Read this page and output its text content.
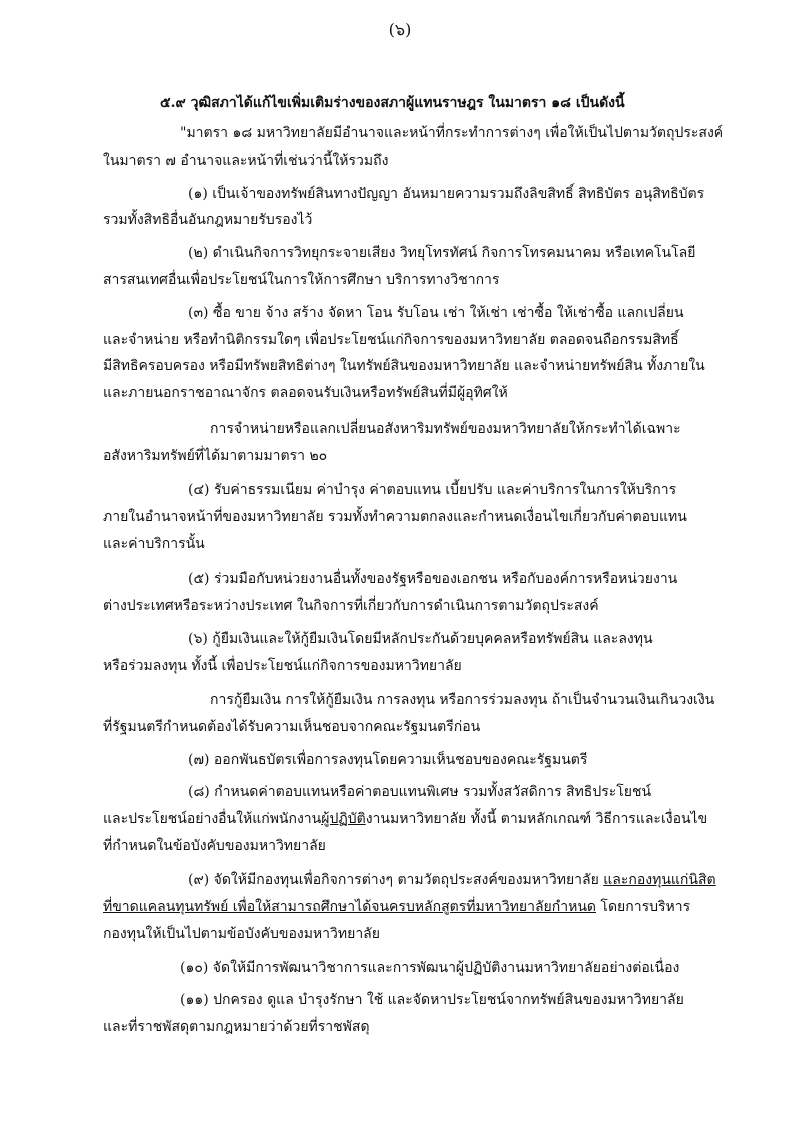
(๖)
๕.๙ วุฒิสภาได้แก้ไขเพิ่มเติมร่างของสภาผู้แทนราษฎร ในมาตรา ๑๘ เป็นดังนี้
"มาตรา ๑๘ มหาวิทยาลัยมีอำนาจและหน้าที่กระทำการต่างๆ เพื่อให้เป็นไปตามวัตถุประสงค์
ในมาตรา ๗ อำนาจและหน้าที่เช่นว่านี้ให้รวมถึง
(๑) เป็นเจ้าของทรัพย์สินทางปัญญา อันหมายความรวมถึงลิขสิทธิ์ สิทธิบัตร อนุสิทธิบัตร
รวมทั้งสิทธิอื่นอันกฎหมายรับรองไว้
(๒) ดำเนินกิจการวิทยุกระจายเสียง วิทยุโทรทัศน์ กิจการโทรคมนาคม หรือเทคโนโลยี
สารสนเทศอื่นเพื่อประโยชน์ในการให้การศึกษา บริการทางวิชาการ
(๓) ซื้อ ขาย จ้าง สร้าง จัดหา โอน รับโอน เช่า ให้เช่า เช่าซื้อ ให้เช่าซื้อ แลกเปลี่ยน
และจำหน่าย หรือทำนิติกรรมใดๆ เพื่อประโยชน์แก่กิจการของมหาวิทยาลัย ตลอดจนถือกรรมสิทธิ์
มีสิทธิครอบครอง หรือมีทรัพยสิทธิต่างๆ ในทรัพย์สินของมหาวิทยาลัย และจำหน่ายทรัพย์สิน ทั้งภายใน
และภายนอกราชอาณาจักร ตลอดจนรับเงินหรือทรัพย์สินที่มีผู้อุทิศให้
การจำหน่ายหรือแลกเปลี่ยนอสังหาริมทรัพย์ของมหาวิทยาลัยให้กระทำได้เฉพาะ
อสังหาริมทรัพย์ที่ได้มาตามมาตรา ๒๐
(๔) รับค่าธรรมเนียม ค่าบำรุง ค่าตอบแทน เบี้ยปรับ และค่าบริการในการให้บริการ
ภายในอำนาจหน้าที่ของมหาวิทยาลัย รวมทั้งทำความตกลงและกำหนดเงื่อนไขเกี่ยวกับค่าตอบแทน
และค่าบริการนั้น
(๕) ร่วมมือกับหน่วยงานอื่นทั้งของรัฐหรือของเอกชน หรือกับองค์การหรือหน่วยงาน
ต่างประเทศหรือระหว่างประเทศ ในกิจการที่เกี่ยวกับการดำเนินการตามวัตถุประสงค์
(๖) กู้ยืมเงินและให้กู้ยืมเงินโดยมีหลักประกันด้วยบุคคลหรือทรัพย์สิน และลงทุน
หรือร่วมลงทุน ทั้งนี้ เพื่อประโยชน์แก่กิจการของมหาวิทยาลัย
การกู้ยืมเงิน การให้กู้ยืมเงิน การลงทุน หรือการร่วมลงทุน ถ้าเป็นจำนวนเงินเกินวงเงิน
ที่รัฐมนตรีกำหนดต้องได้รับความเห็นชอบจากคณะรัฐมนตรีก่อน
(๗) ออกพันธบัตรเพื่อการลงทุนโดยความเห็นชอบของคณะรัฐมนตรี
(๘) กำหนดค่าตอบแทนหรือค่าตอบแทนพิเศษ รวมทั้งสวัสดิการ สิทธิประโยชน์
และประโยชน์อย่างอื่นให้แก่พนักงานผู้ปฏิบัติงานมหาวิทยาลัย ทั้งนี้ ตามหลักเกณฑ์ วิธีการและเงื่อนไข
ที่กำหนดในข้อบังคับของมหาวิทยาลัย
(๙) จัดให้มีกองทุนเพื่อกิจการต่างๆ ตามวัตถุประสงค์ของมหาวิทยาลัย และกองทุนแก่นิสิต
ที่ขาดแคลนทุนทรัพย์ เพื่อให้สามารถศึกษาได้จนครบหลักสูตรที่มหาวิทยาลัยกำหนด โดยการบริหาร
กองทุนให้เป็นไปตามข้อบังคับของมหาวิทยาลัย
(๑๐) จัดให้มีการพัฒนาวิชาการและการพัฒนาผู้ปฏิบัติงานมหาวิทยาลัยอย่างต่อเนื่อง
(๑๑) ปกครอง ดูแล บำรุงรักษา ใช้ และจัดหาประโยชน์จากทรัพย์สินของมหาวิทยาลัย
และที่ราชพัสดุตามกฎหมายว่าด้วยที่ราชพัสดุ
